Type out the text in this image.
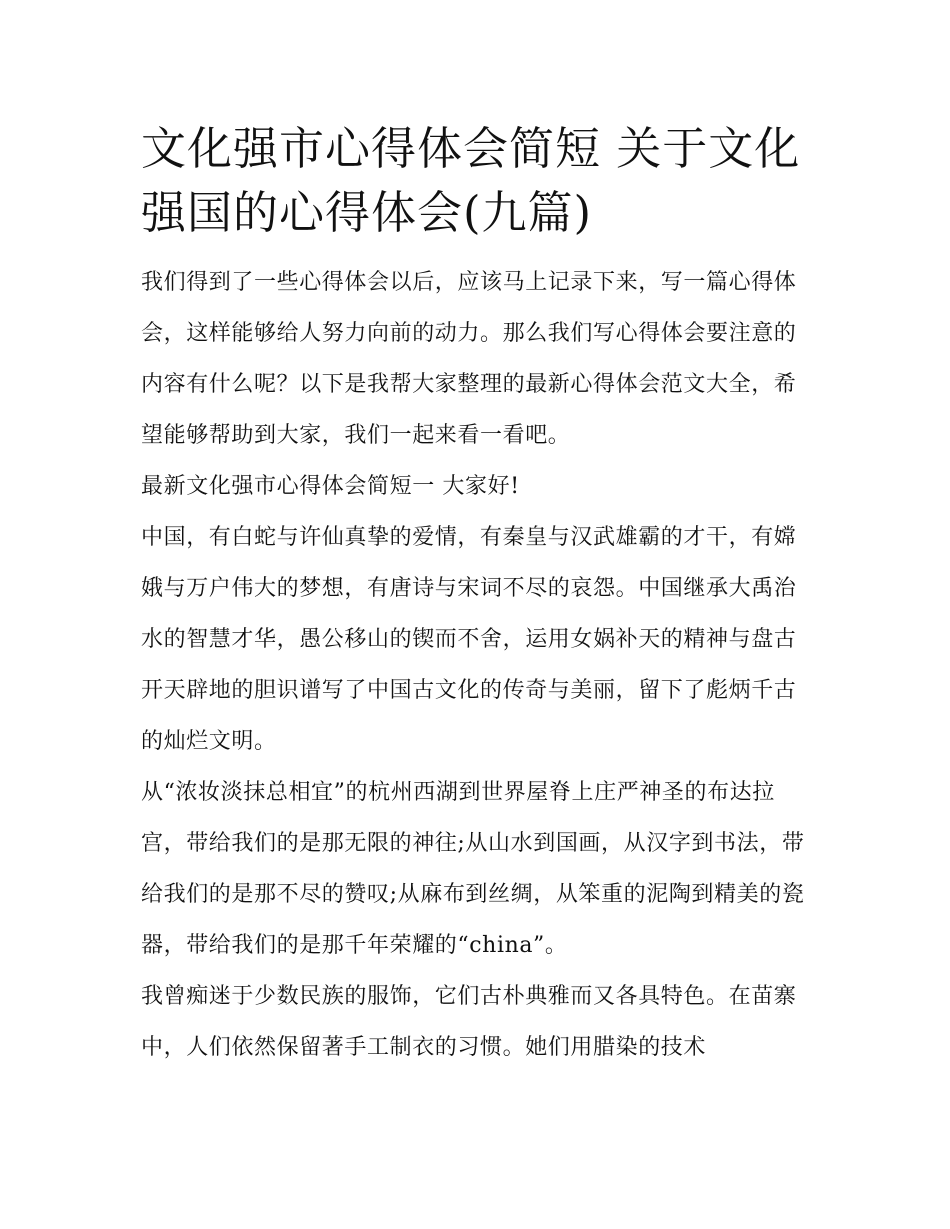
文化强市心得体会简短 关于文化强国的心得体会(九篇)

我们得到了一些心得体会以后，应该马上记录下来，写一篇心得体会，这样能够给人努力向前的动力。那么我们写心得体会要注意的内容有什么呢？以下是我帮大家整理的最新心得体会范文大全，希望能够帮助到大家，我们一起来看一看吧。

最新文化强市心得体会简短一 大家好!

中国，有白蛇与许仙真挚的爱情，有秦皇与汉武雄霸的才干，有嫦娥与万户伟大的梦想，有唐诗与宋词不尽的哀怨。中国继承大禹治水的智慧才华，愚公移山的锲而不舍，运用女娲补天的精神与盘古开天辟地的胆识谱写了中国古文化的传奇与美丽，留下了彪炳千古的灿烂文明。

从“浓妆淡抹总相宜”的杭州西湖到世界屋脊上庄严神圣的布达拉宫，带给我们的是那无限的神往;从山水到国画，从汉字到书法，带给我们的是那不尽的赞叹;从麻布到丝绸，从笨重的泥陶到精美的瓷器，带给我们的是那千年荣耀的“china”。

我曾痴迷于少数民族的服饰，它们古朴典雅而又各具特色。在苗寨中，人们依然保留著手工制衣的习惯。她们用腊染的技术
